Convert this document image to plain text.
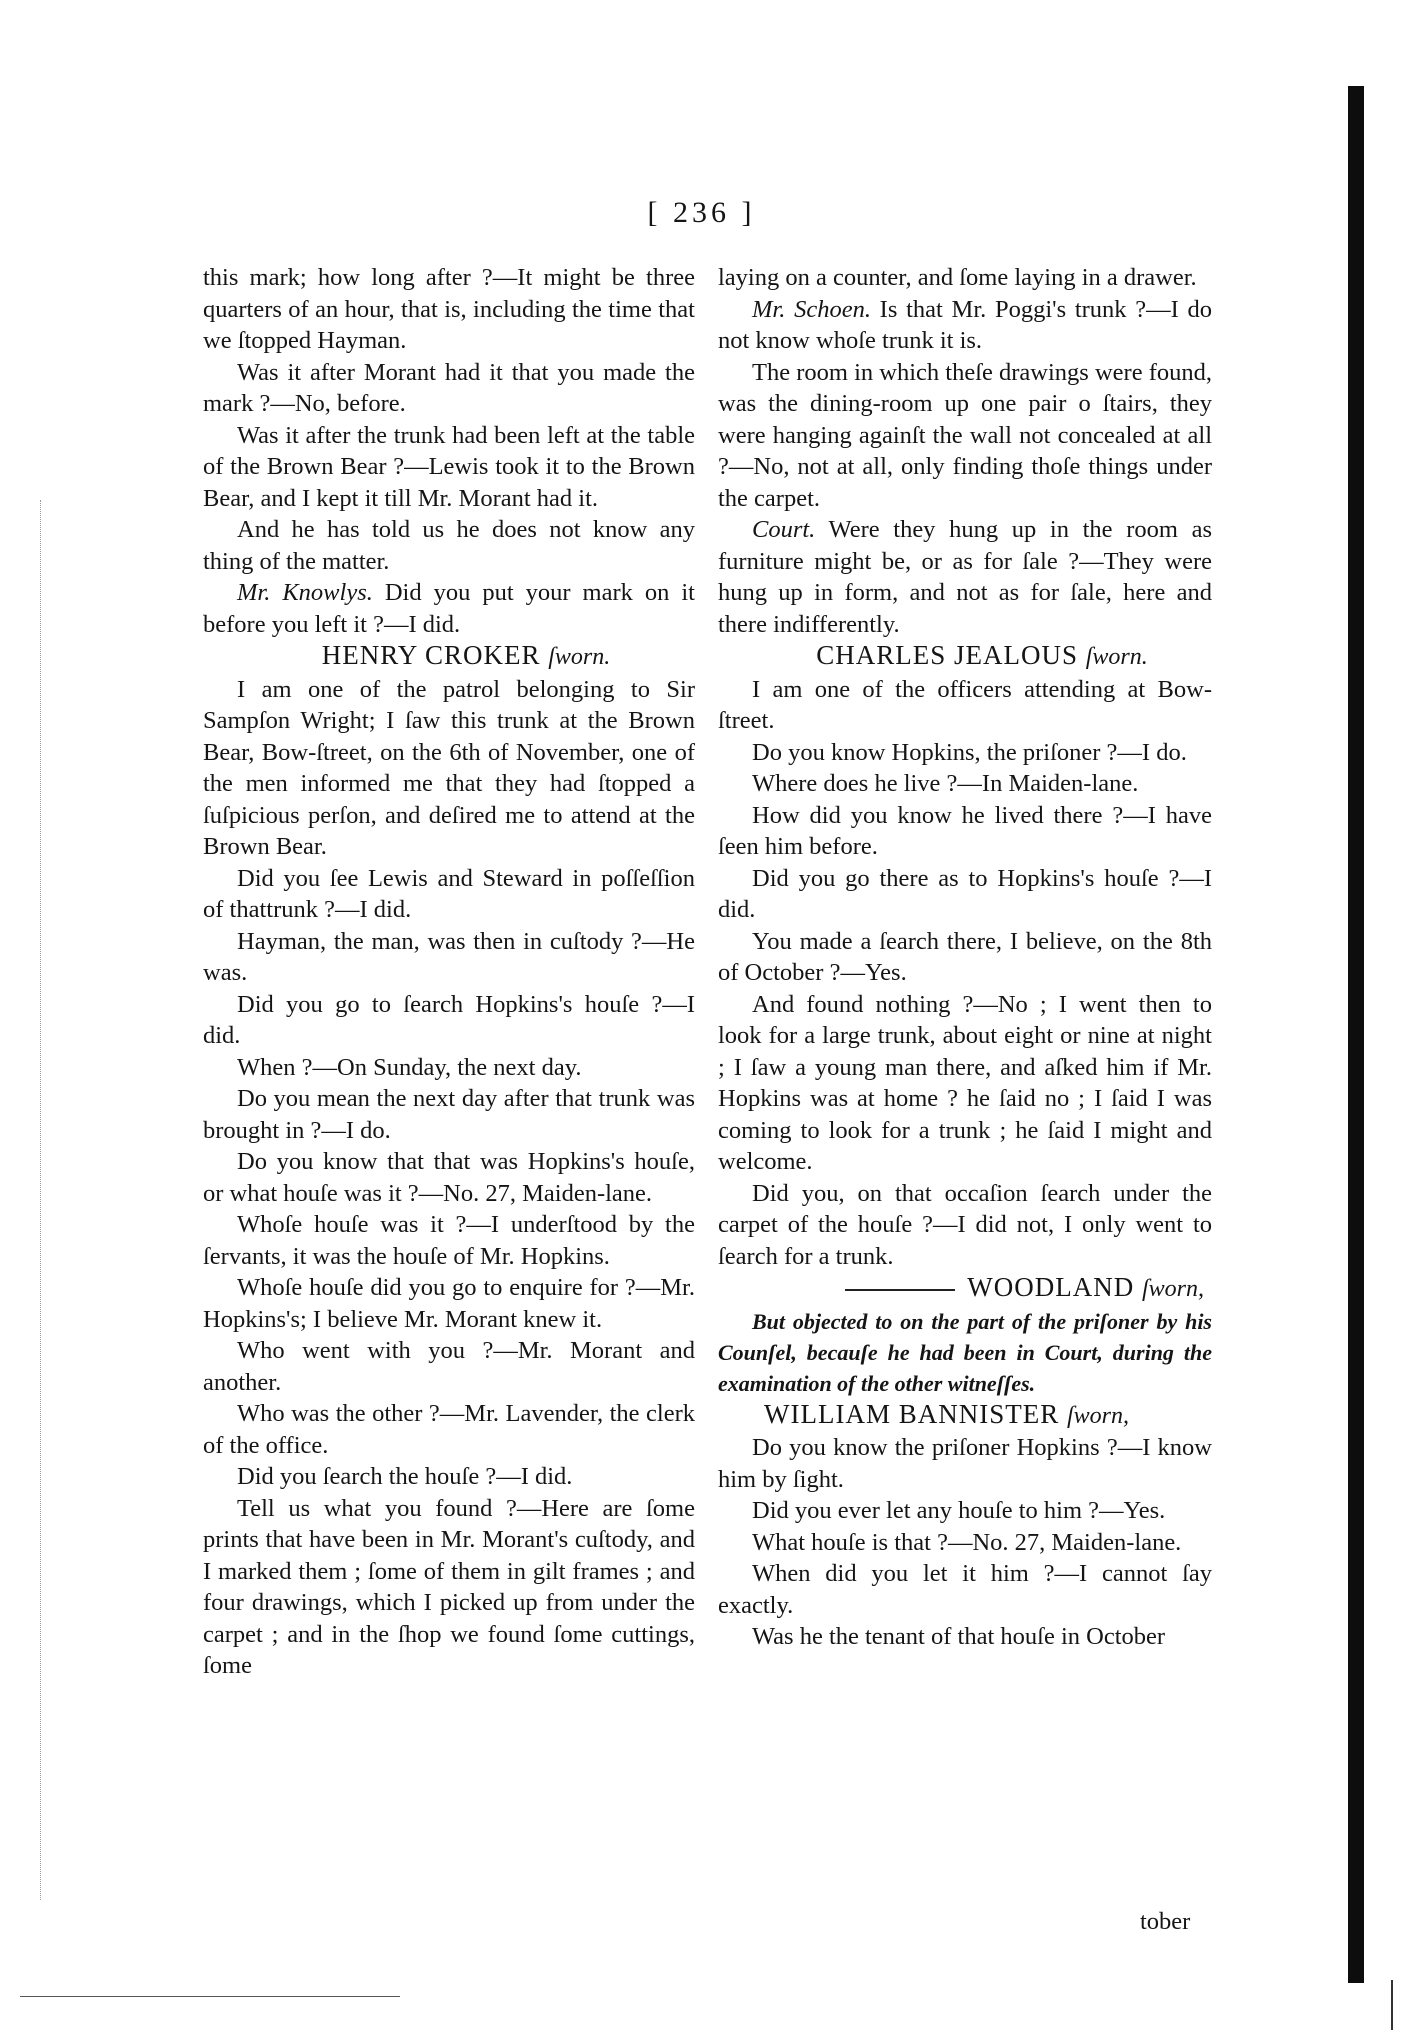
[ 236 ]

this mark; how long after ?—It might be three quarters of an hour, that is, including the time that we ſtopped Hayman.

Was it after Morant had it that you made the mark ?—No, before.

Was it after the trunk had been left at the table of the Brown Bear ?—Lewis took it to the Brown Bear, and I kept it till Mr. Morant had it.

And he has told us he does not know any thing of the matter.

Mr. Knowlys. Did you put your mark on it before you left it ?—I did.

HENRY CROKER ſworn.

I am one of the patrol belonging to Sir Sampſon Wright; I ſaw this trunk at the Brown Bear, Bow-ſtreet, on the 6th of November, one of the men informed me that they had ſtopped a ſuſpicious perſon, and deſired me to attend at the Brown Bear.

Did you ſee Lewis and Steward in poſſeſſion of thattrunk ?—I did.

Hayman, the man, was then in cuſtody ?—He was.

Did you go to ſearch Hopkins's houſe ?—I did.

When ?—On Sunday, the next day.

Do you mean the next day after that trunk was brought in ?—I do.

Do you know that that was Hopkins's houſe, or what houſe was it ?—No. 27, Maiden-lane.

Whoſe houſe was it ?—I underſtood by the ſervants, it was the houſe of Mr. Hopkins.

Whoſe houſe did you go to enquire for ?—Mr. Hopkins's; I believe Mr. Morant knew it.

Who went with you ?—Mr. Morant and another.

Who was the other ?—Mr. Lavender, the clerk of the office.

Did you ſearch the houſe ?—I did.

Tell us what you found ?—Here are ſome prints that have been in Mr. Morant's cuſtody, and I marked them ; ſome of them in gilt frames ; and four drawings, which I picked up from under the carpet ; and in the ſhop we found ſome cuttings, ſome

laying on a counter, and ſome laying in a drawer.

Mr. Schoen. Is that Mr. Poggi's trunk ?—I do not know whoſe trunk it is.

The room in which theſe drawings were found, was the dining-room up one pair o ſtairs, they were hanging againſt the wall not concealed at all ?—No, not at all, only finding thoſe things under the carpet.

Court. Were they hung up in the room as furniture might be, or as for ſale ?—They were hung up in form, and not as for ſale, here and there indifferently.

CHARLES JEALOUS ſworn.

I am one of the officers attending at Bow-ſtreet.

Do you know Hopkins, the priſoner ?—I do.

Where does he live ?—In Maiden-lane.

How did you know he lived there ?—I have ſeen him before.

Did you go there as to Hopkins's houſe ?—I did.

You made a ſearch there, I believe, on the 8th of October ?—Yes.

And found nothing ?—No ; I went then to look for a large trunk, about eight or nine at night ; I ſaw a young man there, and aſked him if Mr. Hopkins was at home ? he ſaid no ; I ſaid I was coming to look for a trunk ; he ſaid I might and welcome.

Did you, on that occaſion ſearch under the carpet of the houſe ?—I did not, I only went to ſearch for a trunk.

WOODLAND ſworn,

But objected to on the part of the priſoner by his Counſel, becauſe he had been in Court, during the examination of the other witneſſes.

WILLIAM BANNISTER ſworn,

Do you know the priſoner Hopkins ?—I know him by ſight.

Did you ever let any houſe to him ?—Yes.

What houſe is that ?—No. 27, Maiden-lane.

When did you let it him ?—I cannot ſay exactly.

Was he the tenant of that houſe in October

tober
